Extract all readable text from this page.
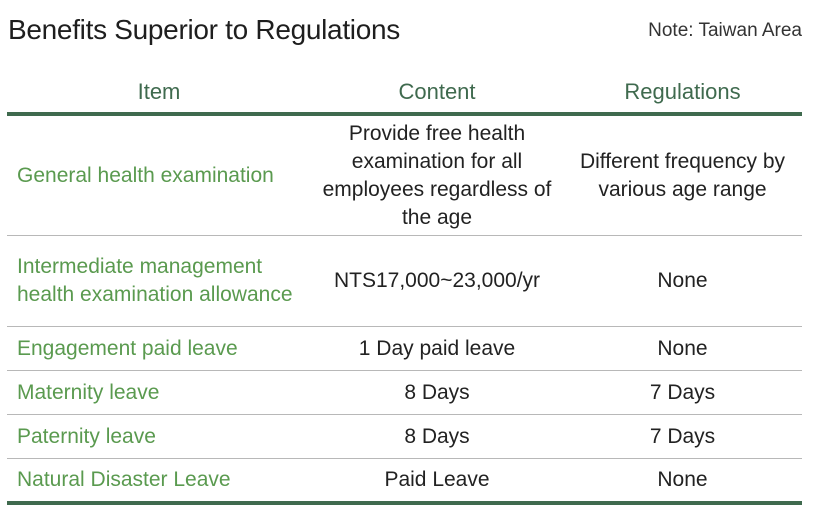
Benefits Superior to Regulations	Note: Taiwan Area
Item	Content	Regulations
General health examination	Provide free health examination for all employees regardless of the age	Different frequency by various age range
Intermediate management health examination allowance	NTS17,000~23,000/yr	None
Engagement paid leave	1 Day paid leave	None
Maternity leave	8 Days	7 Days
Paternity leave	8 Days	7 Days
Natural Disaster Leave	Paid Leave	None
